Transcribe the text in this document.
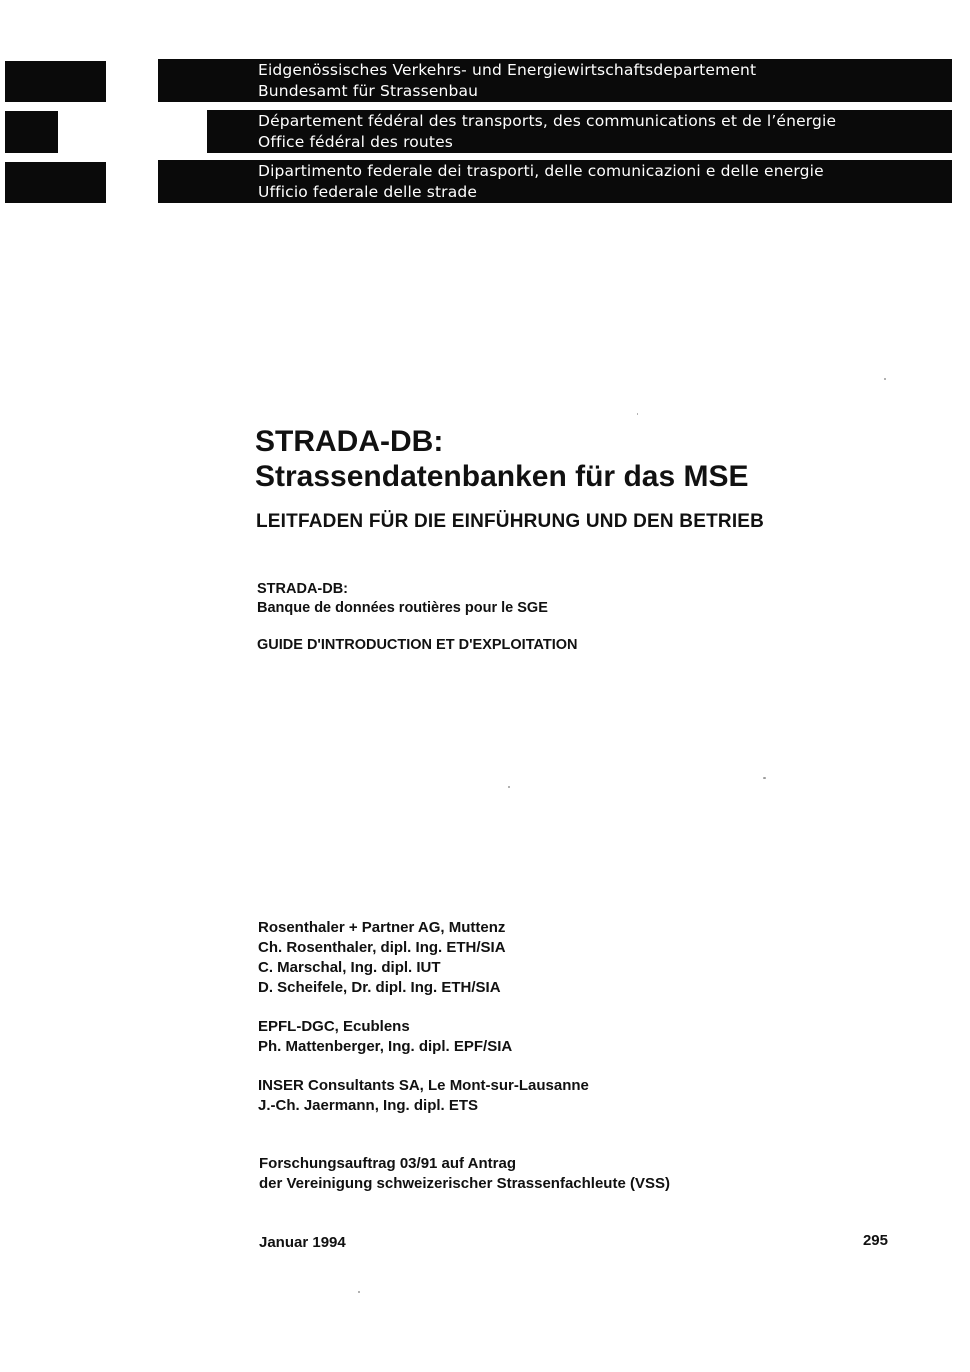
Eidgenössisches Verkehrs- und Energiewirtschaftsdepartement
Bundesamt für Strassenbau
Département fédéral des transports, des communications et de l’énergie
Office fédéral des routes
Dipartimento federale dei trasporti, delle comunicazioni e delle energie
Ufficio federale delle strade
STRADA-DB:
Strassendatenbanken für das MSE
LEITFADEN FÜR DIE EINFÜHRUNG UND DEN BETRIEB
STRADA-DB:
Banque de données routières pour le SGE
GUIDE D'INTRODUCTION ET D'EXPLOITATION
Rosenthaler + Partner AG, Muttenz
Ch. Rosenthaler, dipl. Ing. ETH/SIA
C. Marschal, Ing. dipl. IUT
D. Scheifele, Dr. dipl. Ing. ETH/SIA
EPFL-DGC, Ecublens
Ph. Mattenberger, Ing. dipl. EPF/SIA
INSER Consultants SA, Le Mont-sur-Lausanne
J.-Ch. Jaermann, Ing. dipl. ETS
Forschungsauftrag 03/91 auf Antrag
der Vereinigung schweizerischer Strassenfachleute (VSS)
Januar 1994	295
